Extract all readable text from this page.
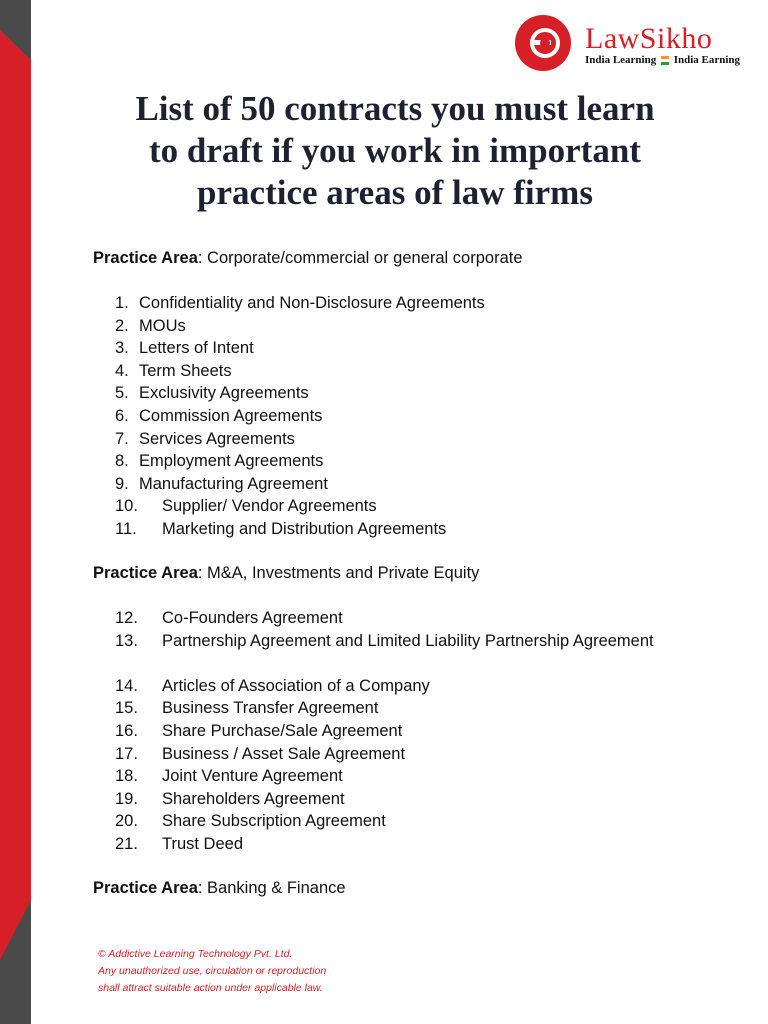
LawSikho
India Learning India Earning
List of 50 contracts you must learn
to draft if you work in important
practice areas of law firms
Practice Area: Corporate/commercial or general corporate
1. Confidentiality and Non-Disclosure Agreements
2. MOUs
3. Letters of Intent
4. Term Sheets
5. Exclusivity Agreements
6. Commission Agreements
7. Services Agreements
8. Employment Agreements
9. Manufacturing Agreement
10. Supplier/ Vendor Agreements
11. Marketing and Distribution Agreements
Practice Area: M&A, Investments and Private Equity
12. Co-Founders Agreement
13.	Partnership Agreement and Limited Liability Partnership Agreement
14. Articles of Association of a Company
15. Business Transfer Agreement
16. Share Purchase/Sale Agreement
17. Business / Asset Sale Agreement
18. Joint Venture Agreement
19. Shareholders Agreement
20. Share Subscription Agreement
21. Trust Deed
Practice Area: Banking & Finance
© Addictive Learning Technology Pvt. Ltd.
Any unauthorized use, circulation or reproduction
shall attract suitable action under applicable law.
